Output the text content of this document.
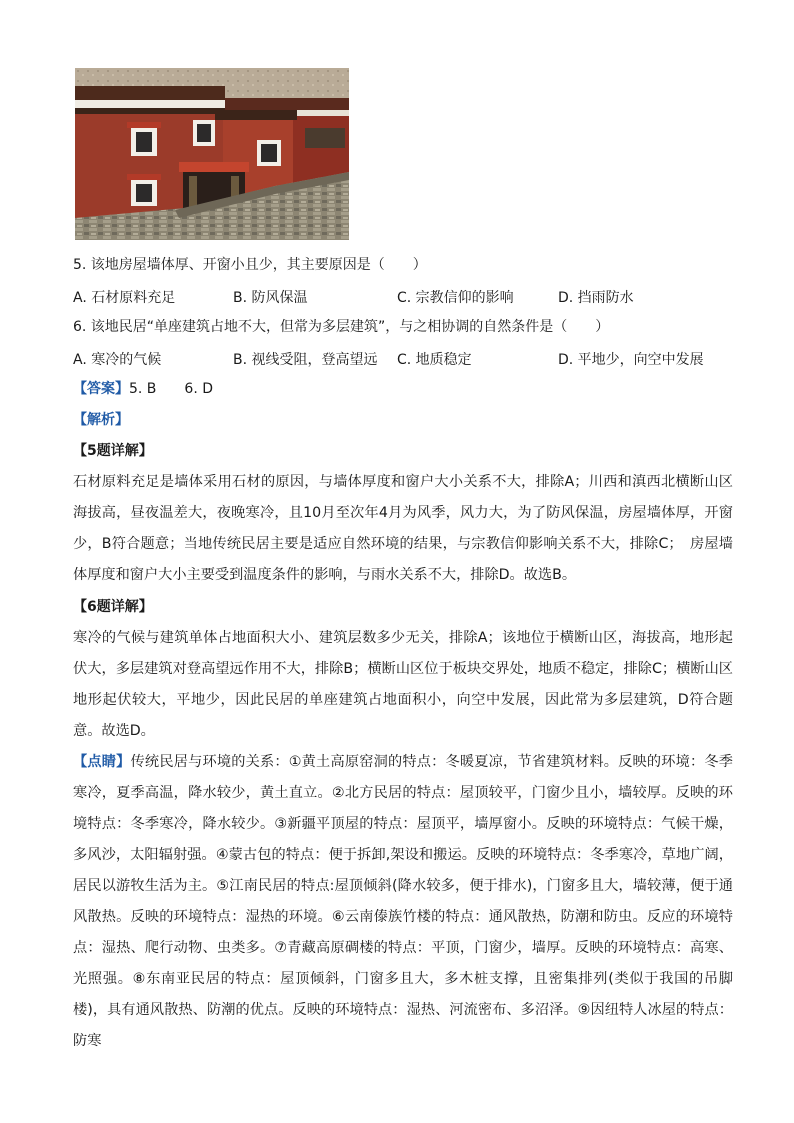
5. 该地房屋墙体厚、开窗小且少，其主要原因是（　　）
A. 石材原料充足	B. 防风保温	C. 宗教信仰的影响	D. 挡雨防水
6. 该地民居“单座建筑占地不大，但常为多层建筑”，与之相协调的自然条件是（　　）
A. 寒冷的气候	B. 视线受阻，登高望远 C. 地质稳定	D. 平地少，向空中发展
【答案】5. B　　6. D
【解析】
【5题详解】
石材原料充足是墙体采用石材的原因，与墙体厚度和窗户大小关系不大，排除A；川西和滇西北横断山区海拔高，昼夜温差大，夜晚寒冷，且10月至次年4月为风季，风力大，为了防风保温，房屋墙体厚，开窗少，B符合题意；当地传统民居主要是适应自然环境的结果，与宗教信仰影响关系不大，排除C；　房屋墙体厚度和窗户大小主要受到温度条件的影响，与雨水关系不大，排除D。故选B。
【6题详解】
寒冷的气候与建筑单体占地面积大小、建筑层数多少无关，排除A；该地位于横断山区，海拔高，地形起伏大，多层建筑对登高望远作用不大，排除B；横断山区位于板块交界处，地质不稳定，排除C；横断山区地形起伏较大，平地少，因此民居的单座建筑占地面积小，向空中发展，因此常为多层建筑，D符合题意。故选D。
【点睛】传统民居与环境的关系：①黄土高原窑洞的特点：冬暖夏凉，节省建筑材料。反映的环境：冬季寒冷，夏季高温，降水较少，黄土直立。②北方民居的特点：屋顶较平，门窗少且小，墙较厚。反映的环境特点：冬季寒冷，降水较少。③新疆平顶屋的特点：屋顶平，墙厚窗小。反映的环境特点：气候干燥，多风沙，太阳辐射强。④蒙古包的特点：便于拆卸,架设和搬运。反映的环境特点：冬季寒冷，草地广阔，居民以游牧生活为主。⑤江南民居的特点:屋顶倾斜(降水较多，便于排水)，门窗多且大，墙较薄，便于通风散热。反映的环境特点：湿热的环境。⑥云南傣族竹楼的特点：通风散热，防潮和防虫。反应的环境特点：湿热、爬行动物、虫类多。⑦青藏高原碉楼的特点：平顶，门窗少，墙厚。反映的环境特点：高寒、光照强。⑧东南亚民居的特点：屋顶倾斜，门窗多且大，多木桩支撑，且密集排列(类似于我国的吊脚楼)，具有通风散热、防潮的优点。反映的环境特点：湿热、河流密布、多沼泽。⑨因纽特人冰屋的特点：防寒
